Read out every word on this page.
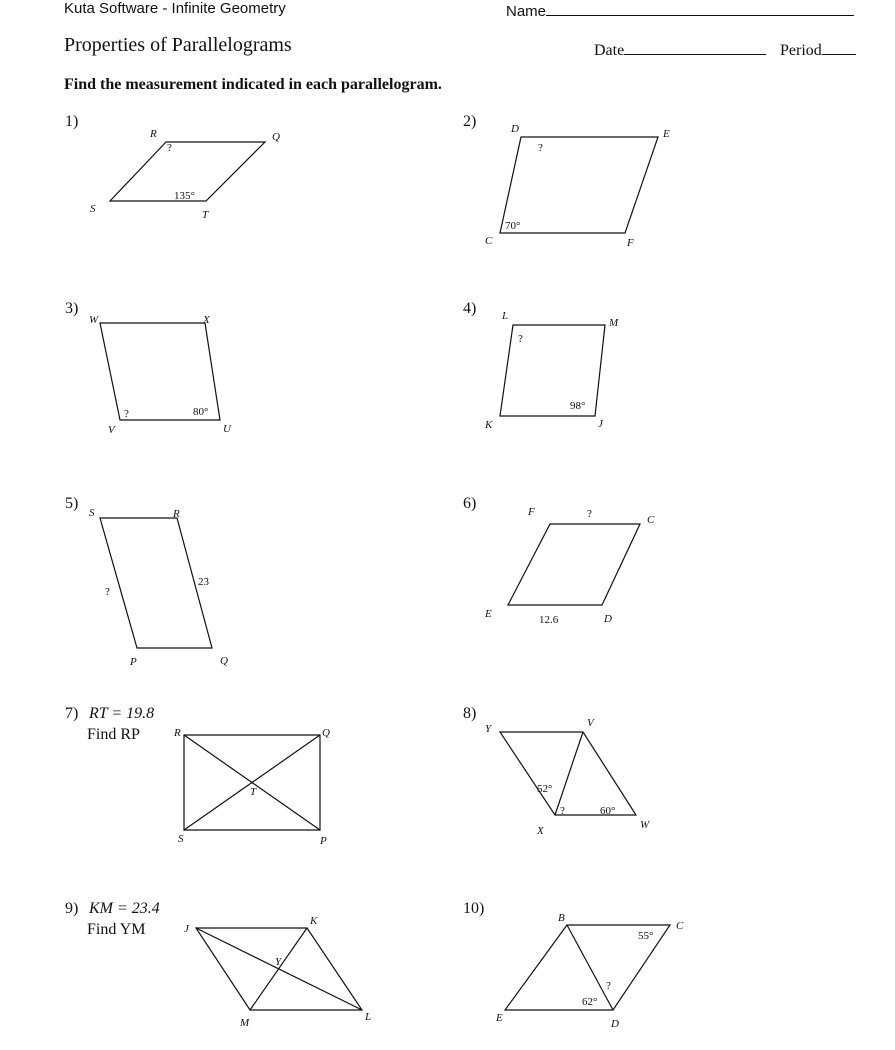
Kuta Software - Infinite Geometry	Name
Properties of Parallelograms	Date	Period
Find the measurement indicated in each parallelogram.
1)
R	Q
T
S
?
135°
2)	D	E
F
C
?
70°
3)
W	X
U
V
?	80°
4) L
M
J
K
?
98°
5)
S	R
Q
P
?
23
6)	F
C
D
E
?
12.6
7) RT = 19.8
Find RP	R	Q
T
S	P
8)
Y	V
X	W
52°
?	60°
9) KM = 23.4
Find YM	J
K
Y
M	L
10)
B
C
E	D
55°
?
62°
